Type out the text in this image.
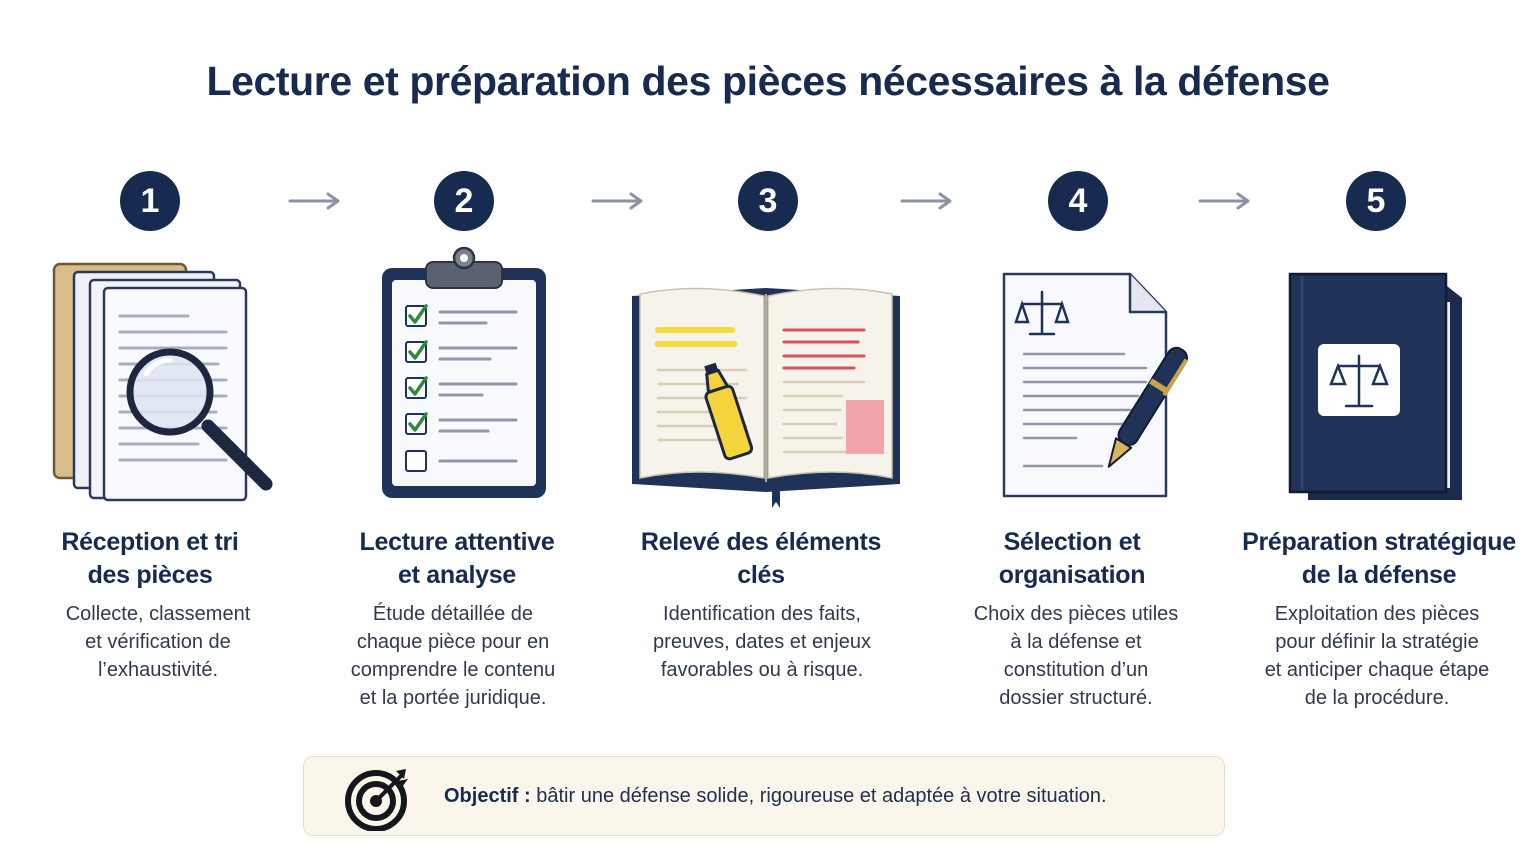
Lecture et préparation des pièces nécessaires à la défense
1	2	3	4	5
Réception et tri
des pièces
Collecte, classement
et vérification de
l’exhaustivité.
Lecture attentive
et analyse
Étude détaillée de
chaque pièce pour en
comprendre le contenu
et la portée juridique.
Relevé des éléments
clés
Identification des faits,
preuves, dates et enjeux
favorables ou à risque.
Sélection et
organisation
Choix des pièces utiles
à la défense et
constitution d’un
dossier structuré.
Préparation stratégique
de la défense
Exploitation des pièces
pour définir la stratégie
et anticiper chaque étape
de la procédure.
Objectif : bâtir une défense solide, rigoureuse et adaptée à votre situation.
